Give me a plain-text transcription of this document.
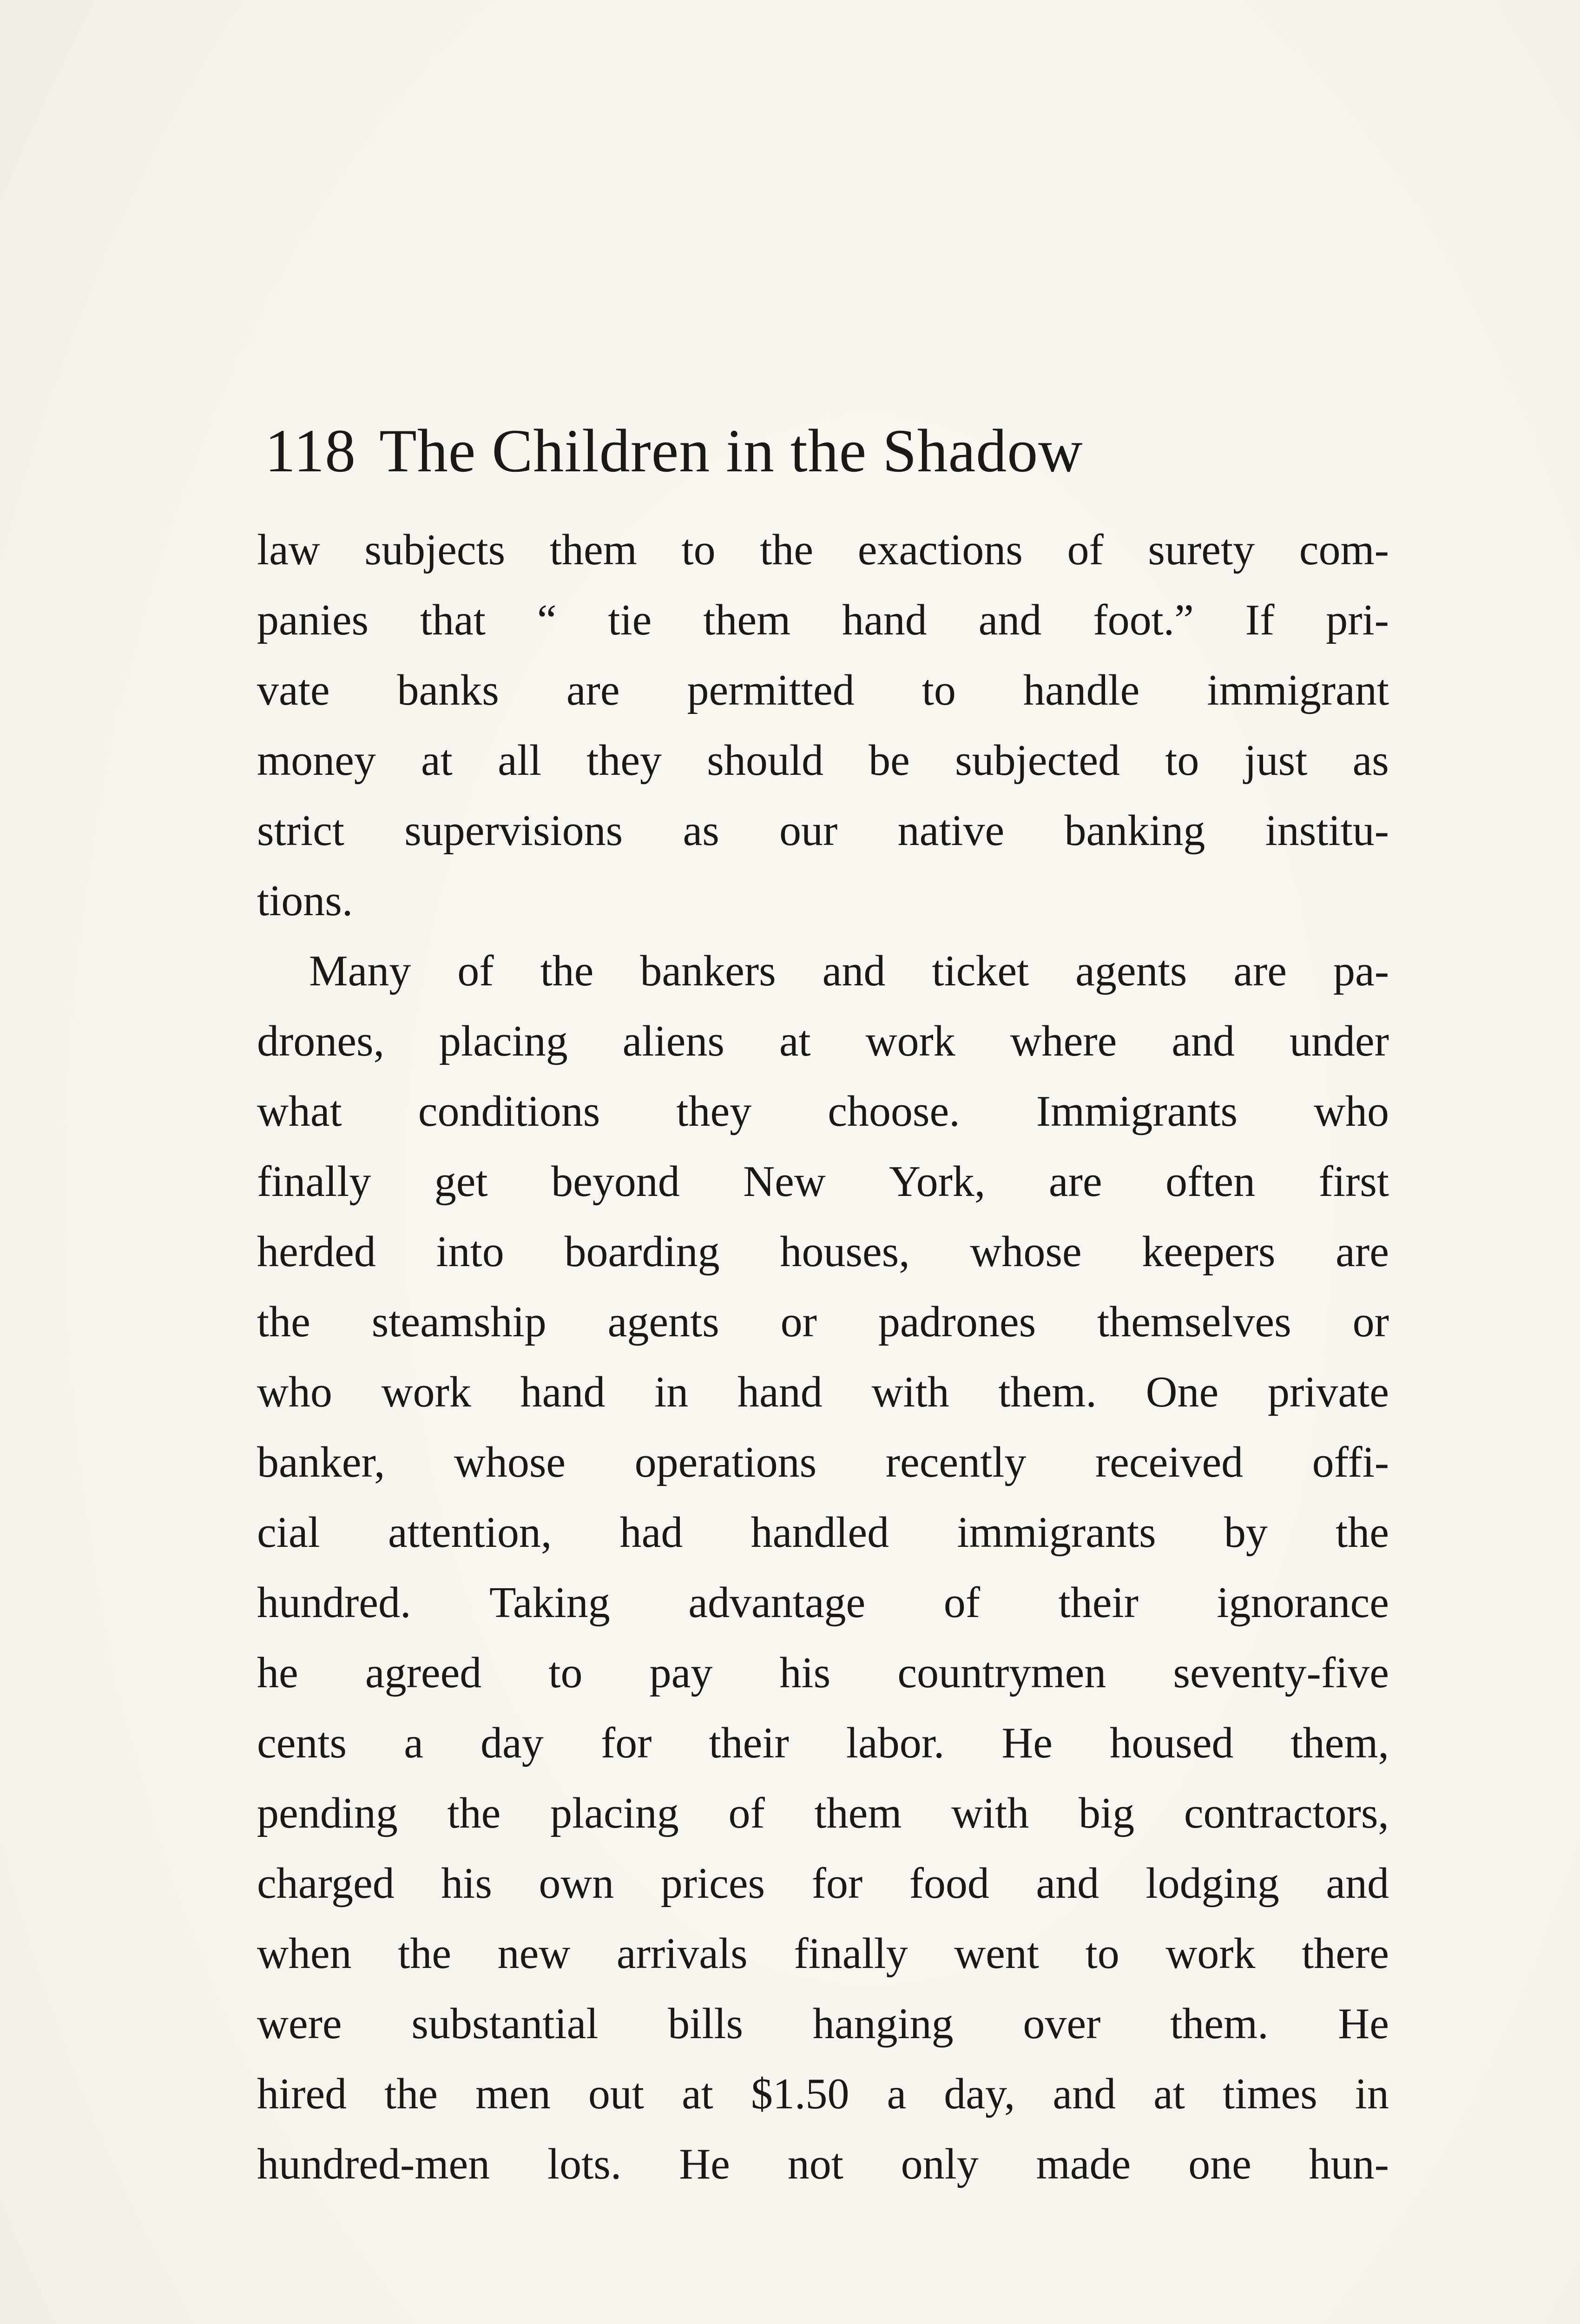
118 The Children in the Shadow
law subjects them to the exactions of surety com-
panies that “ tie them hand and foot.” If pri-
vate banks are permitted to handle immigrant
money at all they should be subjected to just as
strict supervisions as our native banking institu-
tions.
Many of the bankers and ticket agents are pa-
drones, placing aliens at work where and under
what conditions they choose. Immigrants who
finally get beyond New York, are often first
herded into boarding houses, whose keepers are
the steamship agents or padrones themselves or
who work hand in hand with them. One private
banker, whose operations recently received offi-
cial attention, had handled immigrants by the
hundred. Taking advantage of their ignorance
he agreed to pay his countrymen seventy-five
cents a day for their labor. He housed them,
pending the placing of them with big contractors,
charged his own prices for food and lodging and
when the new arrivals finally went to work there
were substantial bills hanging over them. He
hired the men out at $1.50 a day, and at times in
hundred-men lots. He not only made one hun-
